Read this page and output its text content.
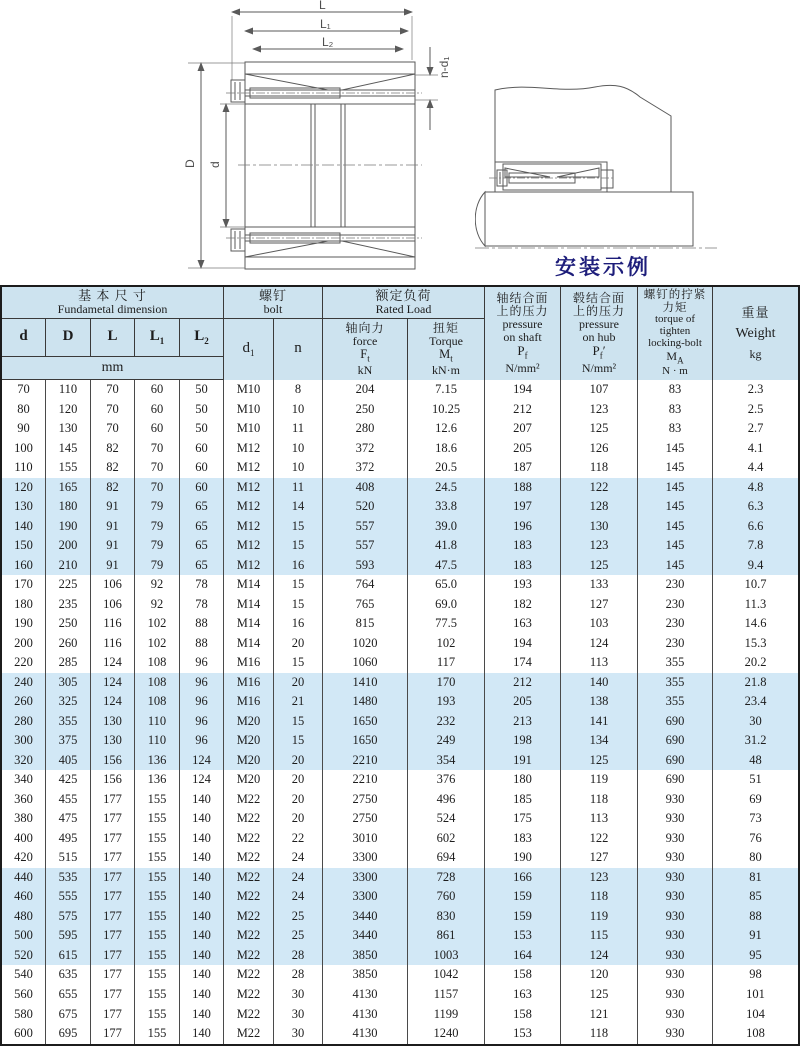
L
L₁
L₂
n-d₁
D d
安装示例
基 本 尺 寸
Fundametal dimension
螺钉
bolt
额定负荷
Rated Load
轴结合面
上的压力
pressure
on shaft
$P_f$
N/mm²
毂结合面
上的压力
pressure
on hub
$P_f'$
N/mm²
螺钉的拧紧
力矩
torque of
tighten
locking-bolt
$M_A$
N · m
重量
Weight
kg
d D L $L_1$ $L_2$
mm
$d_1$	n
轴向力
force
$F_t$
kN
扭矩
Torque
$M_t$
kN·m
70	110	70	60	50	M10	8	204	7.15	194	107	83	2.3
80	120	70	60	50	M10	10	250	10.25	212	123	83	2.5
90	130	70	60	50	M10	11	280	12.6	207	125	83	2.7
100	145	82	70	60	M12	10	372	18.6	205	126	145	4.1
110	155	82	70	60	M12	10	372	20.5	187	118	145	4.4
120	165	82	70	60	M12	11	408	24.5	188	122	145	4.8
130	180	91	79	65	M12	14	520	33.8	197	128	145	6.3
140	190	91	79	65	M12	15	557	39.0	196	130	145	6.6
150	200	91	79	65	M12	15	557	41.8	183	123	145	7.8
160	210	91	79	65	M12	16	593	47.5	183	125	145	9.4
170	225	106	92	78	M14	15	764	65.0	193	133	230	10.7
180	235	106	92	78	M14	15	765	69.0	182	127	230	11.3
190	250	116	102	88	M14	16	815	77.5	163	103	230	14.6
200	260	116	102	88	M14	20	1020	102	194	124	230	15.3
220	285	124	108	96	M16	15	1060	117	174	113	355	20.2
240	305	124	108	96	M16	20	1410	170	212	140	355	21.8
260	325	124	108	96	M16	21	1480	193	205	138	355	23.4
280	355	130	110	96	M20	15	1650	232	213	141	690	30
300	375	130	110	96	M20	15	1650	249	198	134	690	31.2
320	405	156	136	124	M20	20	2210	354	191	125	690	48
340	425	156	136	124	M20	20	2210	376	180	119	690	51
360	455	177	155	140	M22	20	2750	496	185	118	930	69
380	475	177	155	140	M22	20	2750	524	175	113	930	73
400	495	177	155	140	M22	22	3010	602	183	122	930	76
420	515	177	155	140	M22	24	3300	694	190	127	930	80
440	535	177	155	140	M22	24	3300	728	166	123	930	81
460	555	177	155	140	M22	24	3300	760	159	118	930	85
480	575	177	155	140	M22	25	3440	830	159	119	930	88
500	595	177	155	140	M22	25	3440	861	153	115	930	91
520	615	177	155	140	M22	28	3850	1003	164	124	930	95
540	635	177	155	140	M22	28	3850	1042	158	120	930	98
560	655	177	155	140	M22	30	4130	1157	163	125	930	101
580	675	177	155	140	M22	30	4130	1199	158	121	930	104
600	695	177	155	140	M22	30	4130	1240	153	118	930	108
